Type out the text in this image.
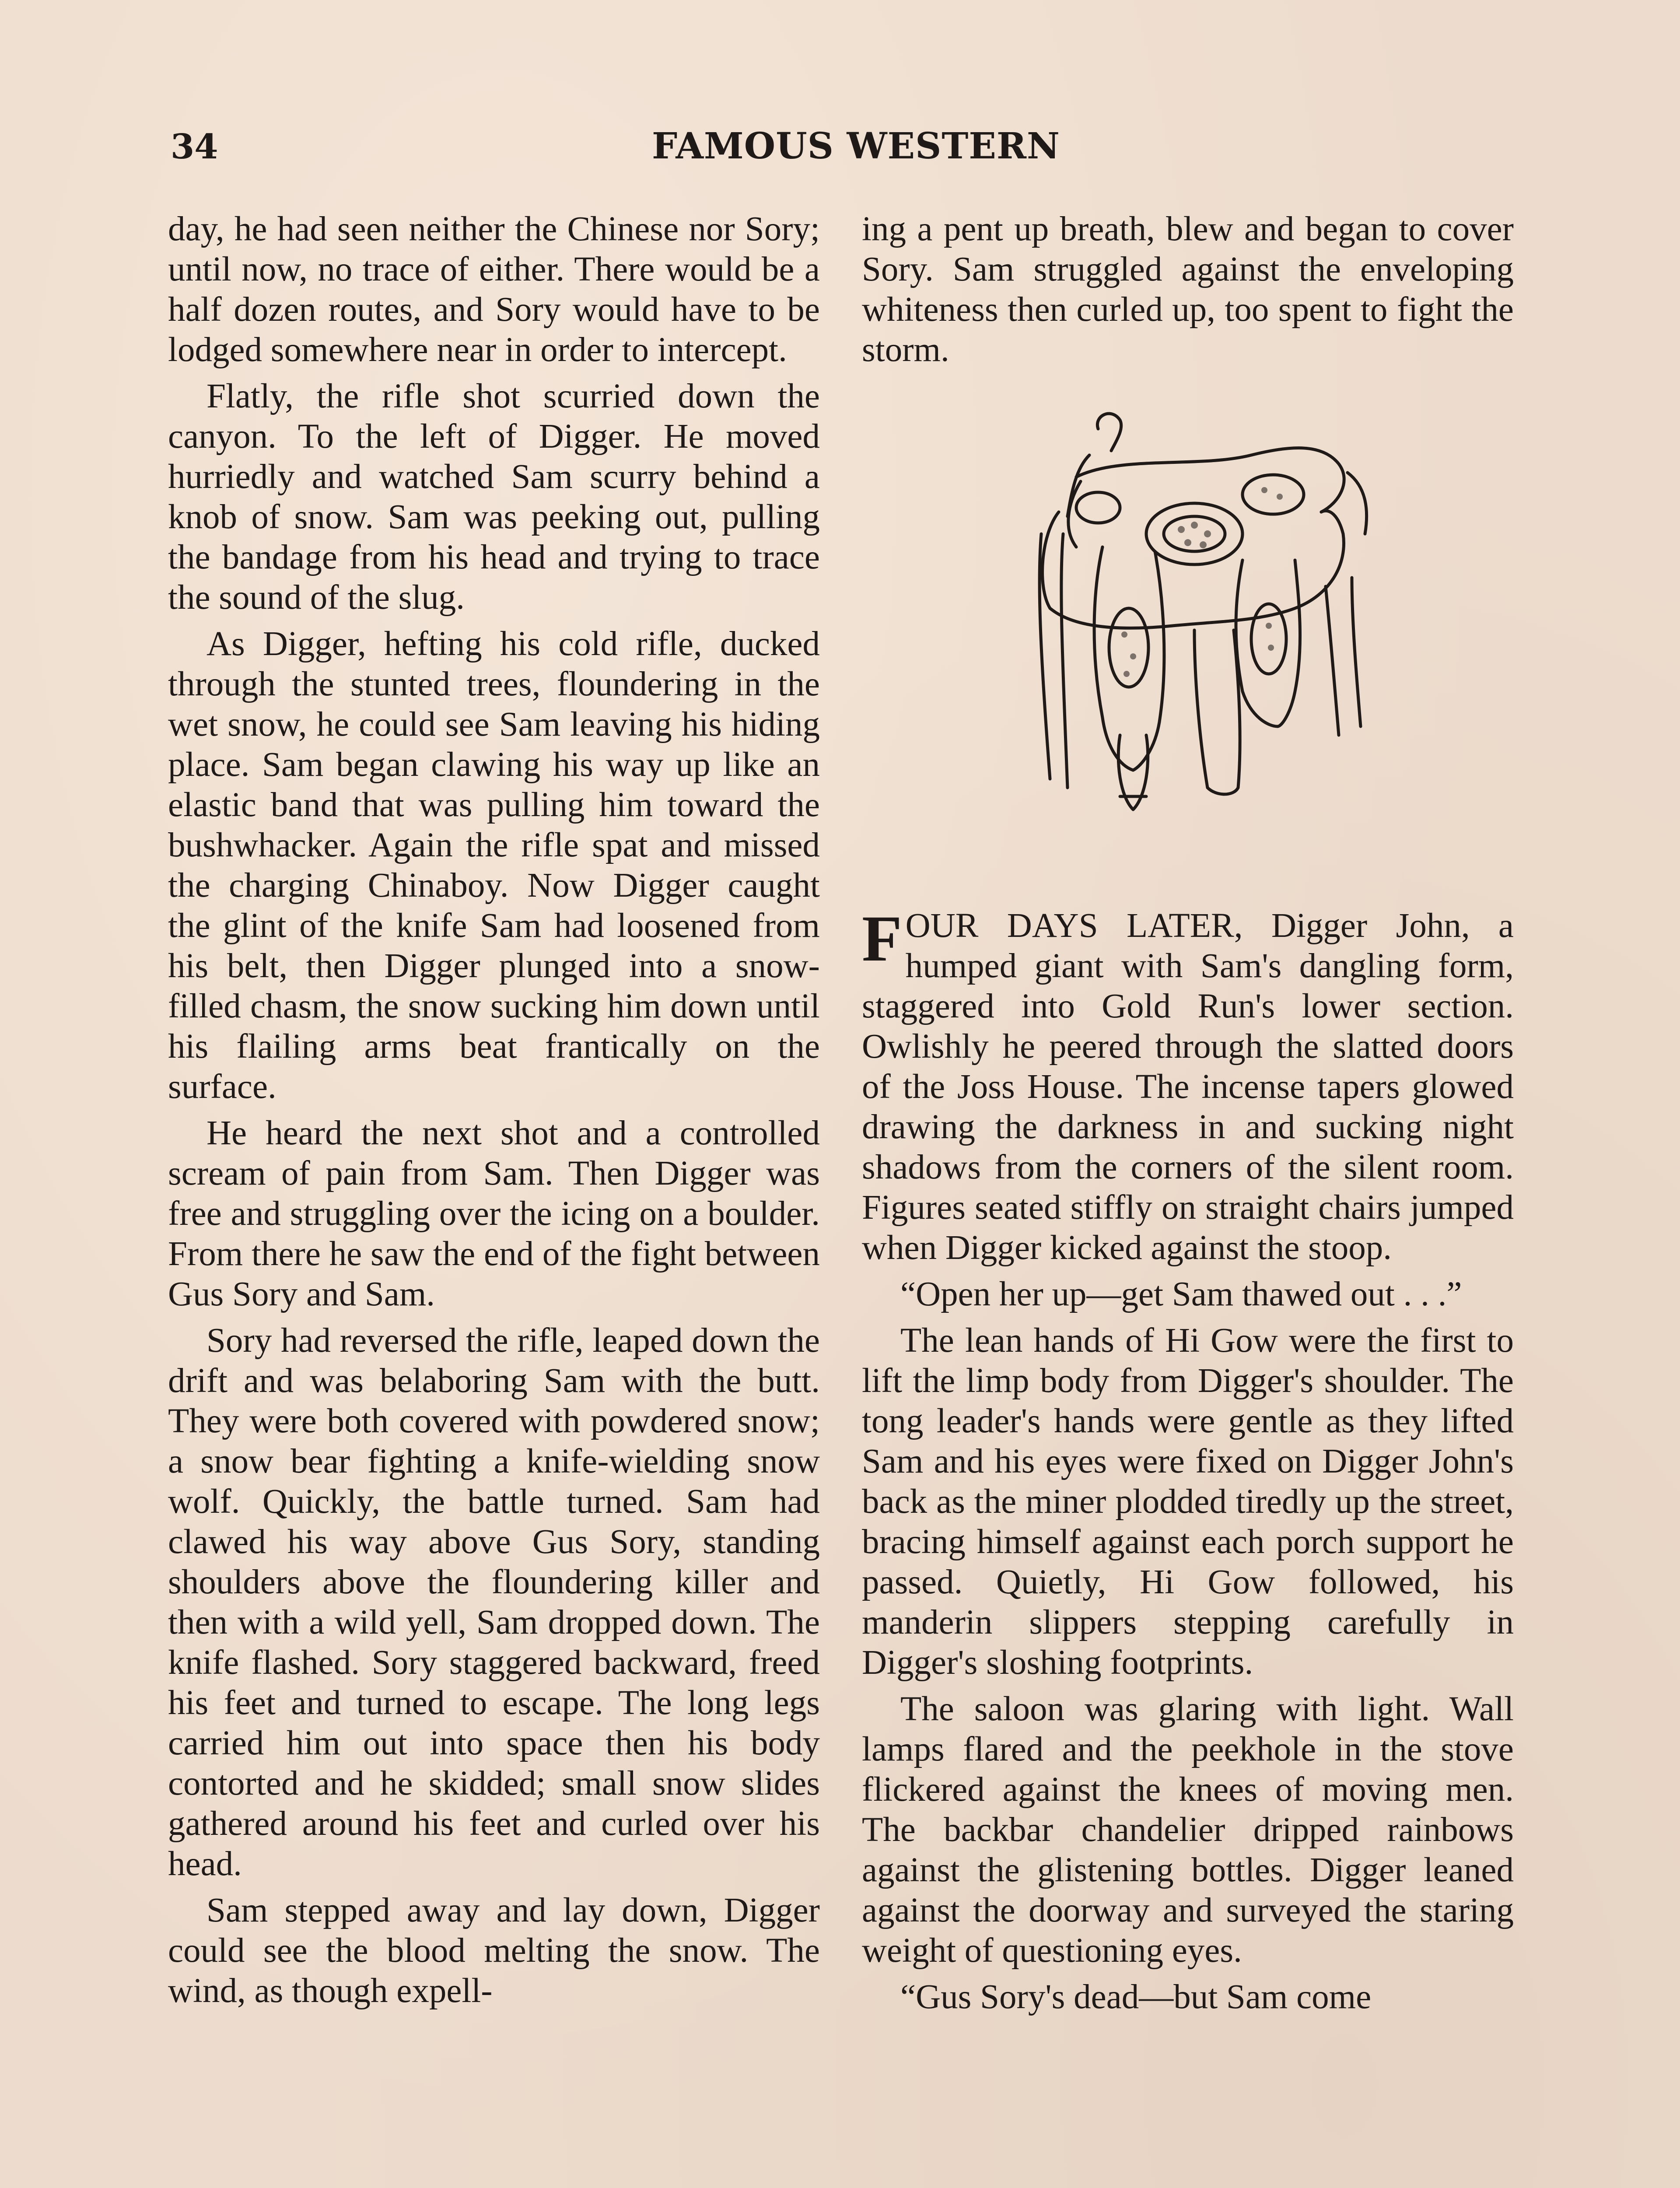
34	FAMOUS WESTERN

day, he had seen neither the Chinese nor Sory; until now, no trace of either. There would be a half dozen routes, and Sory would have to be lodged somewhere near in order to intercept.

Flatly, the rifle shot scurried down the canyon. To the left of Digger. He moved hurriedly and watched Sam scurry behind a knob of snow. Sam was peeking out, pulling the bandage from his head and trying to trace the sound of the slug.

As Digger, hefting his cold rifle, ducked through the stunted trees, floundering in the wet snow, he could see Sam leaving his hiding place. Sam began clawing his way up like an elastic band that was pulling him toward the bushwhacker. Again the rifle spat and missed the charging Chinaboy. Now Digger caught the glint of the knife Sam had loosened from his belt, then Digger plunged into a snow-filled chasm, the snow sucking him down until his flailing arms beat frantically on the surface.

He heard the next shot and a controlled scream of pain from Sam. Then Digger was free and struggling over the icing on a boulder. From there he saw the end of the fight between Gus Sory and Sam.

Sory had reversed the rifle, leaped down the drift and was belaboring Sam with the butt. They were both covered with powdered snow; a snow bear fighting a knife-wielding snow wolf. Quickly, the battle turned. Sam had clawed his way above Gus Sory, standing shoulders above the floundering killer and then with a wild yell, Sam dropped down. The knife flashed. Sory staggered backward, freed his feet and turned to escape. The long legs carried him out into space then his body contorted and he skidded; small snow slides gathered around his feet and curled over his head.

Sam stepped away and lay down, Digger could see the blood melting the snow. The wind, as though expell-

ing a pent up breath, blew and began to cover Sory. Sam struggled against the enveloping whiteness then curled up, too spent to fight the storm.

FOUR DAYS LATER, Digger John, a humped giant with Sam's dangling form, staggered into Gold Run's lower section. Owlishly he peered through the slatted doors of the Joss House. The incense tapers glowed drawing the darkness in and sucking night shadows from the corners of the silent room. Figures seated stiffly on straight chairs jumped when Digger kicked against the stoop.

“Open her up—get Sam thawed out . . .”

The lean hands of Hi Gow were the first to lift the limp body from Digger's shoulder. The tong leader's hands were gentle as they lifted Sam and his eyes were fixed on Digger John's back as the miner plodded tiredly up the street, bracing himself against each porch support he passed. Quietly, Hi Gow followed, his manderin slippers stepping carefully in Digger's sloshing footprints.

The saloon was glaring with light. Wall lamps flared and the peekhole in the stove flickered against the knees of moving men. The backbar chandelier dripped rainbows against the glistening bottles. Digger leaned against the doorway and surveyed the staring weight of questioning eyes.

“Gus Sory's dead—but Sam come
